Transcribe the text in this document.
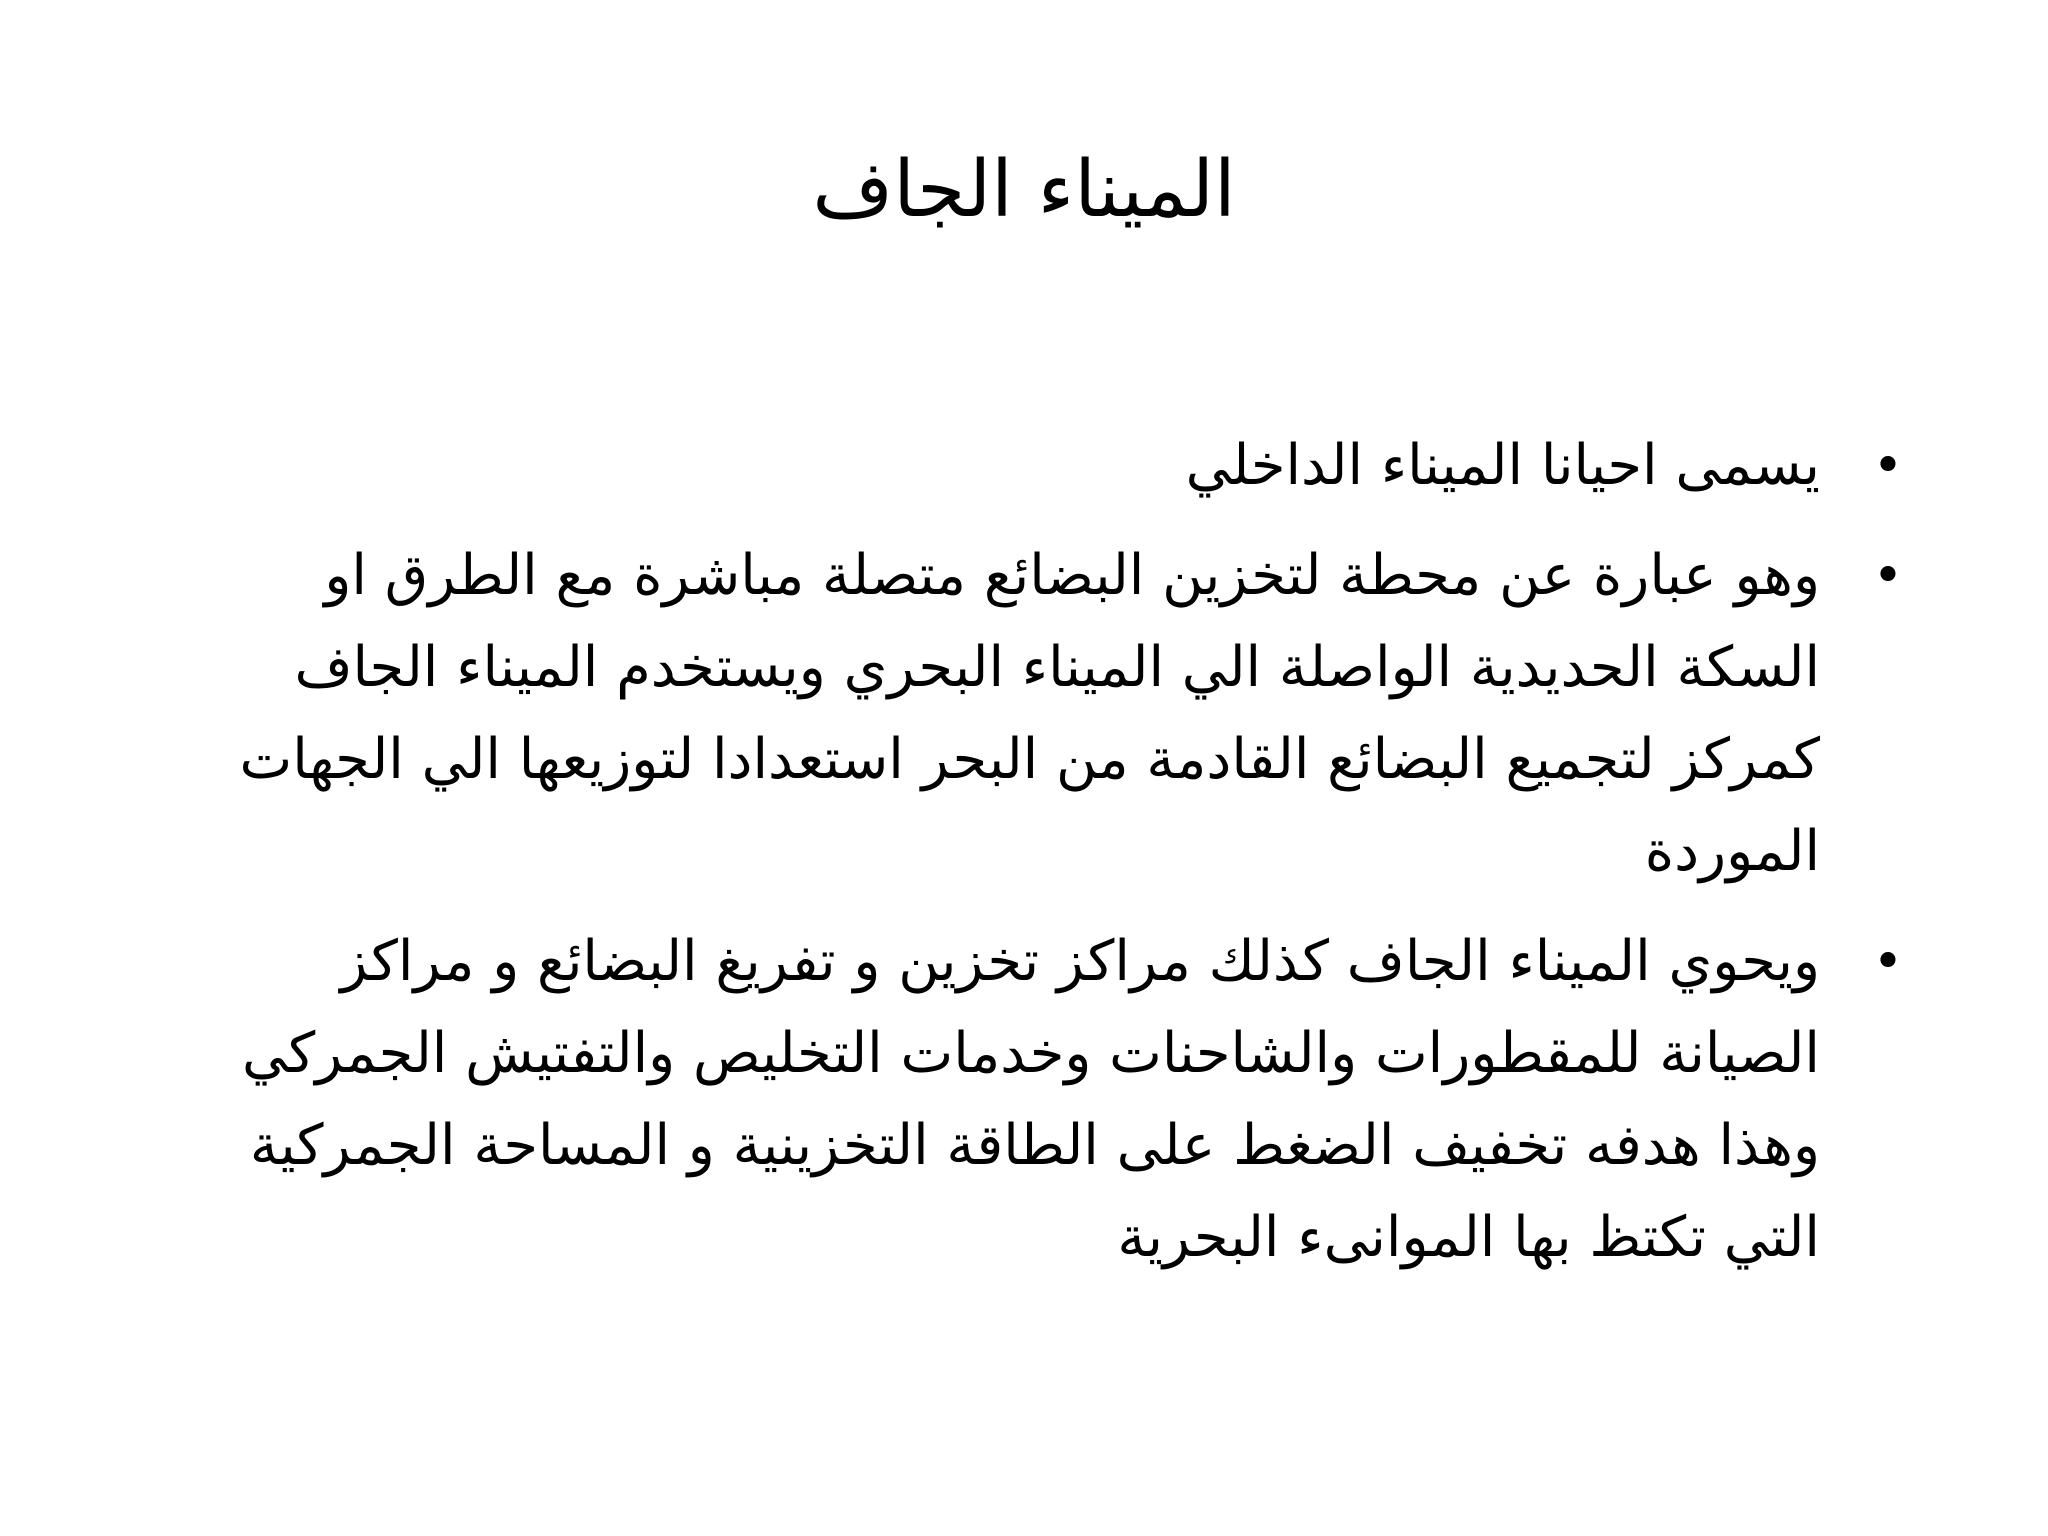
الميناء الجاف
•
يسمى احيانا الميناء الداخلي
•
وهو عبارة عن محطة لتخزين البضائع متصلة مباشرة مع الطرق او السكة الحديدية الواصلة الي الميناء البحري ويستخدم الميناء الجاف كمركز لتجميع البضائع القادمة من البحر استعدادا لتوزيعها الي الجهات الموردة
•
ويحوي الميناء الجاف كذلك مراكز تخزين و تفريغ البضائع و مراكز الصيانة للمقطورات والشاحنات وخدمات التخليص والتفتيش الجمركي وهذا هدفه تخفيف الضغط على الطاقة التخزينية و المساحة الجمركية التي تكتظ بها الموانىء البحرية
